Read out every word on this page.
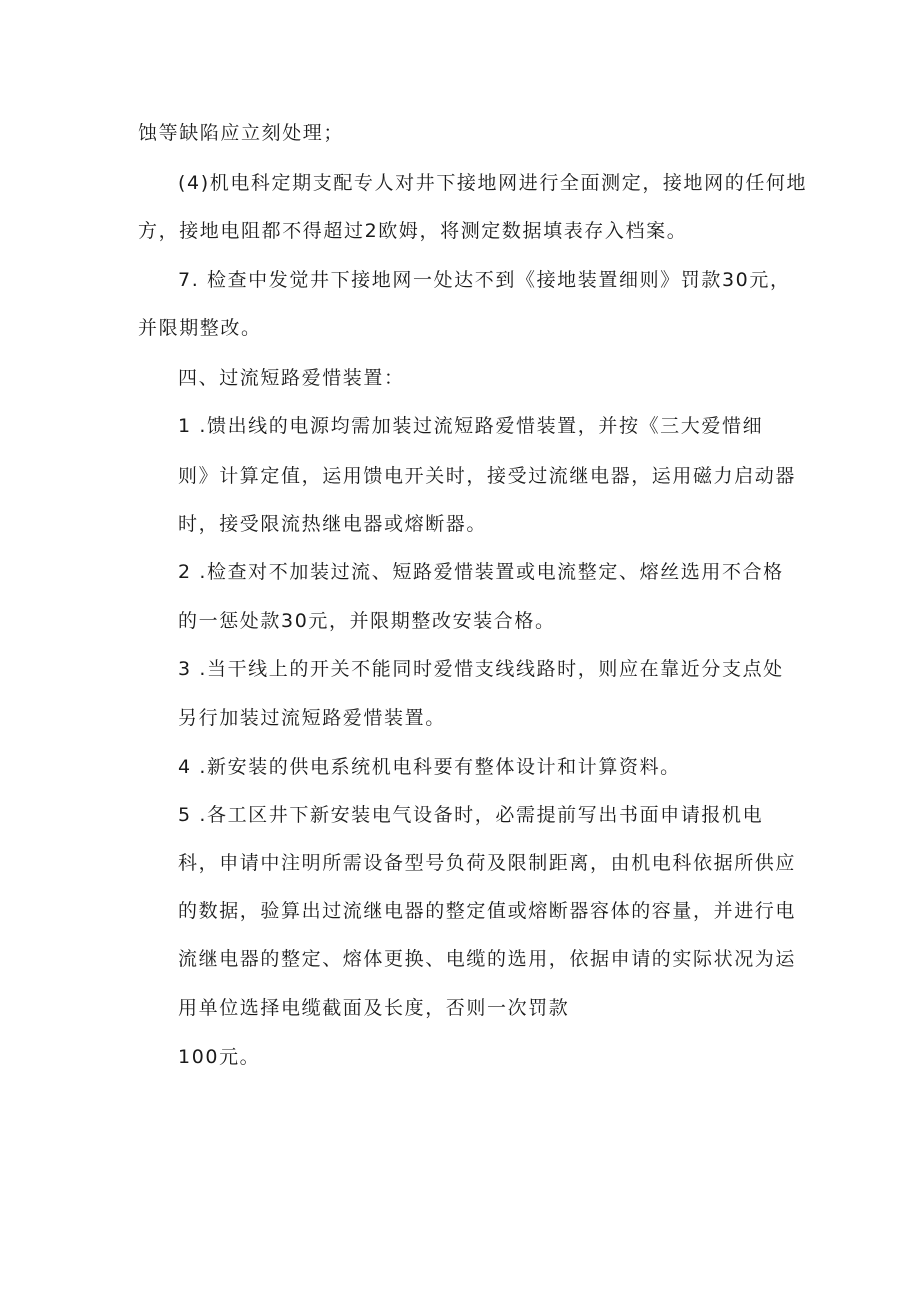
蚀等缺陷应立刻处理；
(4)机电科定期支配专人对井下接地网进行全面测定，接地网的任何地
方，接地电阻都不得超过2欧姆，将测定数据填表存入档案。
7. 检查中发觉井下接地网一处达不到《接地装置细则》罚款30元，
并限期整改。
四、过流短路爱惜装置：
1 .馈出线的电源均需加装过流短路爱惜装置，并按《三大爱惜细
则》计算定值，运用馈电开关时，接受过流继电器，运用磁力启动器
时，接受限流热继电器或熔断器。
2 .检查对不加装过流、短路爱惜装置或电流整定、熔丝选用不合格
的一惩处款30元，并限期整改安装合格。
3 .当干线上的开关不能同时爱惜支线线路时，则应在靠近分支点处
另行加装过流短路爱惜装置。
4 .新安装的供电系统机电科要有整体设计和计算资料。
5 .各工区井下新安装电气设备时，必需提前写出书面申请报机电
科，申请中注明所需设备型号负荷及限制距离，由机电科依据所供应
的数据，验算出过流继电器的整定值或熔断器容体的容量，并进行电
流继电器的整定、熔体更换、电缆的选用，依据申请的实际状况为运
用单位选择电缆截面及长度，否则一次罚款
100元。
